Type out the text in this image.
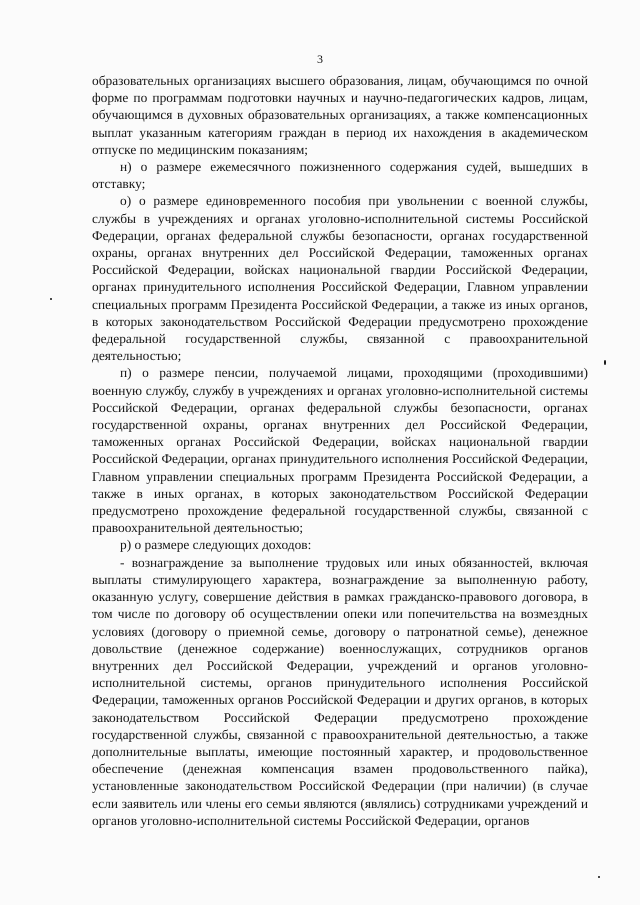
3

образовательных организациях высшего образования, лицам, обучающимся по очной форме по программам подготовки научных и научно-педагогических кадров, лицам, обучающимся в духовных образовательных организациях, а также компенсационных выплат указанным категориям граждан в период их нахождения в академическом отпуске по медицинским показаниям;

н) о размере ежемесячного пожизненного содержания судей, вышедших в отставку;

о) о размере единовременного пособия при увольнении с военной службы, службы в учреждениях и органах уголовно-исполнительной системы Российской Федерации, органах федеральной службы безопасности, органах государственной охраны, органах внутренних дел Российской Федерации, таможенных органах Российской Федерации, войсках национальной гвардии Российской Федерации, органах принудительного исполнения Российской Федерации, Главном управлении специальных программ Президента Российской Федерации, а также из иных органов, в которых законодательством Российской Федерации предусмотрено прохождение федеральной государственной службы, связанной с правоохранительной деятельностью;

п) о размере пенсии, получаемой лицами, проходящими (проходившими) военную службу, службу в учреждениях и органах уголовно-исполнительной системы Российской Федерации, органах федеральной службы безопасности, органах государственной охраны, органах внутренних дел Российской Федерации, таможенных органах Российской Федерации, войсках национальной гвардии Российской Федерации, органах принудительного исполнения Российской Федерации, Главном управлении специальных программ Президента Российской Федерации, а также в иных органах, в которых законодательством Российской Федерации предусмотрено прохождение федеральной государственной службы, связанной с правоохранительной деятельностью;

р) о размере следующих доходов:

- вознаграждение за выполнение трудовых или иных обязанностей, включая выплаты стимулирующего характера, вознаграждение за выполненную работу, оказанную услугу, совершение действия в рамках гражданско-правового договора, в том числе по договору об осуществлении опеки или попечительства на возмездных условиях (договору о приемной семье, договору о патронатной семье), денежное довольствие (денежное содержание) военнослужащих, сотрудников органов внутренних дел Российской Федерации, учреждений и органов уголовно-исполнительной системы, органов принудительного исполнения Российской Федерации, таможенных органов Российской Федерации и других органов, в которых законодательством Российской Федерации предусмотрено прохождение государственной службы, связанной с правоохранительной деятельностью, а также дополнительные выплаты, имеющие постоянный характер, и продовольственное обеспечение (денежная компенсация взамен продовольственного пайка), установленные законодательством Российской Федерации (при наличии) (в случае если заявитель или члены его семьи являются (являлись) сотрудниками учреждений и органов уголовно-исполнительной системы Российской Федерации, органов
